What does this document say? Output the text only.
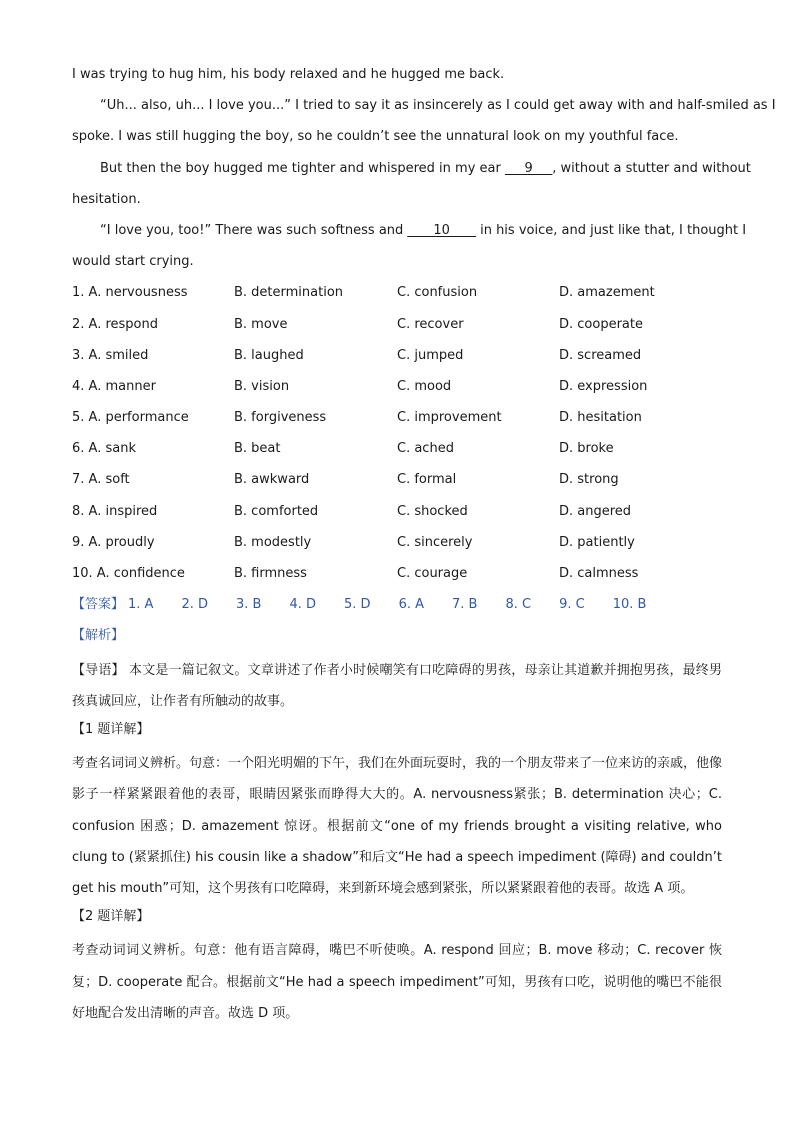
I was trying to hug him, his body relaxed and he hugged me back.
“Uh... also, uh... I love you...” I tried to say it as insincerely as I could get away with and half-smiled as I
spoke. I was still hugging the boy, so he couldn’t see the unnatural look on my youthful face.
But then the boy hugged me tighter and whispered in my ear ___9___, without a stutter and without
hesitation.
“I love you, too!” There was such softness and ____10____ in his voice, and just like that, I thought I
would start crying.
1. A. nervousness	B. determination	C. confusion	D. amazement
2. A. respond	B. move	C. recover	D. cooperate
3. A. smiled	B. laughed	C. jumped	D. screamed
4. A. manner	B. vision	C. mood	D. expression
5. A. performance	B. forgiveness	C. improvement	D. hesitation
6. A. sank	B. beat	C. ached	D. broke
7. A. soft	B. awkward	C. formal	D. strong
8. A. inspired	B. comforted	C. shocked	D. angered
9. A. proudly	B. modestly	C. sincerely	D. patiently
10. A. confidence	B. firmness	C. courage	D. calmness
【答案】 1. A 2. D 3. B 4. D 5. D 6. A 7. B 8. C 9. C 10. B
【解析】
【导语】 本文是一篇记叙文。文章讲述了作者小时候嘲笑有口吃障碍的男孩，母亲让其道歉并拥抱男孩，最终男孩真诚回应，让作者有所触动的故事。
【1 题详解】
考查名词词义辨析。句意：一个阳光明媚的下午，我们在外面玩耍时，我的一个朋友带来了一位来访的亲戚，他像影子一样紧紧跟着他的表哥，眼睛因紧张而睁得大大的。A. nervousness紧张；B. determination 决心；C. confusion 困惑；D. amazement 惊讶。根据前文“one of my friends brought a visiting relative, who clung to (紧紧抓住) his cousin like a shadow”和后文“He had a speech impediment (障碍) and couldn’t get his mouth”可知，这个男孩有口吃障碍，来到新环境会感到紧张，所以紧紧跟着他的表哥。故选 A 项。
【2 题详解】
考查动词词义辨析。句意：他有语言障碍，嘴巴不听使唤。A. respond 回应；B. move 移动；C. recover 恢复；D. cooperate 配合。根据前文“He had a speech impediment”可知，男孩有口吃，说明他的嘴巴不能很好地配合发出清晰的声音。故选 D 项。
